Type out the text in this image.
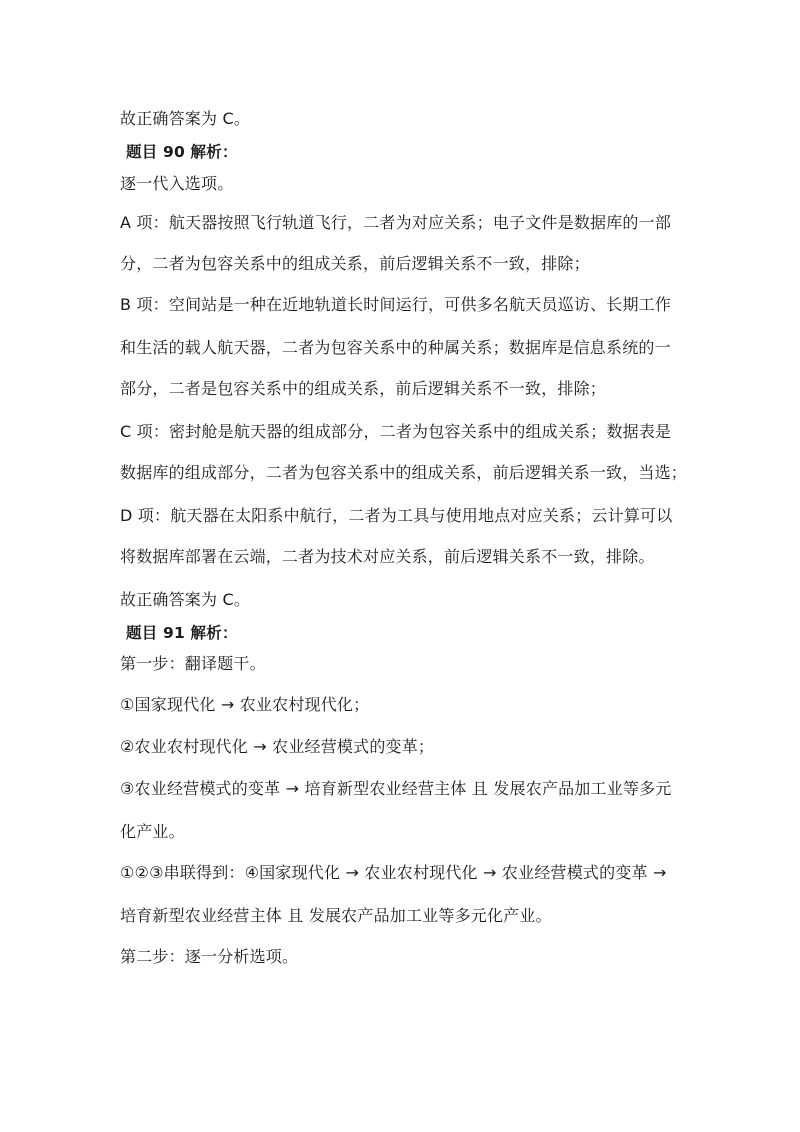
故正确答案为 C。
题目 90 解析：
逐一代入选项。
A 项：航天器按照飞行轨道飞行，二者为对应关系；电子文件是数据库的一部
分，二者为包容关系中的组成关系，前后逻辑关系不一致，排除；
B 项：空间站是一种在近地轨道长时间运行，可供多名航天员巡访、长期工作
和生活的载人航天器，二者为包容关系中的种属关系；数据库是信息系统的一
部分，二者是包容关系中的组成关系，前后逻辑关系不一致，排除；
C 项：密封舱是航天器的组成部分，二者为包容关系中的组成关系；数据表是
数据库的组成部分，二者为包容关系中的组成关系，前后逻辑关系一致，当选；
D 项：航天器在太阳系中航行，二者为工具与使用地点对应关系；云计算可以
将数据库部署在云端，二者为技术对应关系，前后逻辑关系不一致，排除。
故正确答案为 C。
题目 91 解析：
第一步：翻译题干。
①国家现代化 → 农业农村现代化；
②农业农村现代化 → 农业经营模式的变革；
③农业经营模式的变革 → 培育新型农业经营主体 且 发展农产品加工业等多元
化产业。
①②③串联得到：④国家现代化 → 农业农村现代化 → 农业经营模式的变革 →
培育新型农业经营主体 且 发展农产品加工业等多元化产业。
第二步：逐一分析选项。
